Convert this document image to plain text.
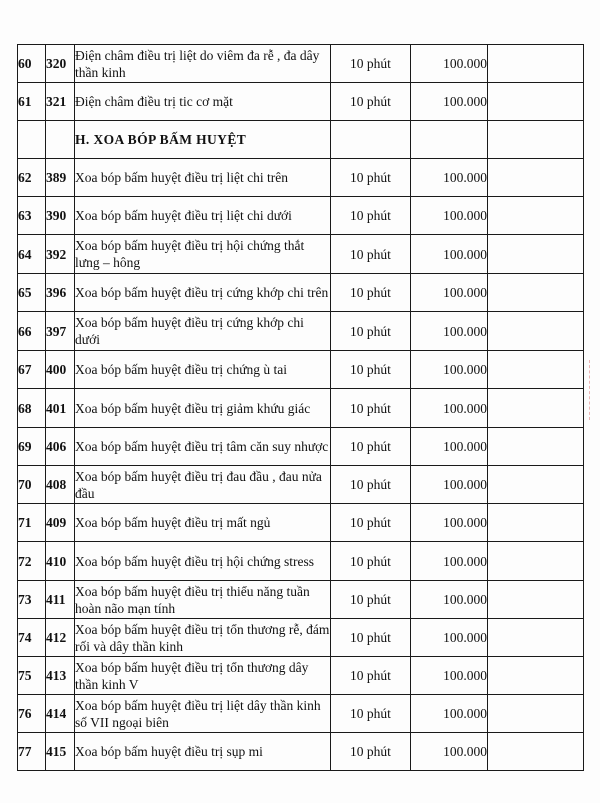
60	320	Điện châm điều trị liệt do viêm đa rễ , đa dây thần kinh	10 phút	100.000	
61	321	Điện châm điều trị tic cơ mặt	10 phút	100.000	
		H. XOA BÓP BẤM HUYỆT			
62	389	Xoa bóp bấm huyệt điều trị liệt chi trên	10 phút	100.000	
63	390	Xoa bóp bấm huyệt điều trị liệt chi dưới	10 phút	100.000	
64	392	Xoa bóp bấm huyệt điều trị hội chứng thắt lưng – hông	10 phút	100.000	
65	396	Xoa bóp bấm huyệt điều trị cứng khớp chi trên	10 phút	100.000	
66	397	Xoa bóp bấm huyệt điều trị cứng khớp chi dưới	10 phút	100.000	
67	400	Xoa bóp bấm huyệt điều trị chứng ù tai	10 phút	100.000	
68	401	Xoa bóp bấm huyệt điều trị giảm khứu giác	10 phút	100.000	
69	406	Xoa bóp bấm huyệt điều trị tâm căn suy nhược	10 phút	100.000	
70	408	Xoa bóp bấm huyệt điều trị đau đầu , đau nửa đầu	10 phút	100.000	
71	409	Xoa bóp bấm huyệt điều trị mất ngủ	10 phút	100.000	
72	410	Xoa bóp bấm huyệt điều trị hội chứng stress	10 phút	100.000	
73	411	Xoa bóp bấm huyệt điều trị thiểu năng tuần hoàn não mạn tính	10 phút	100.000	
74	412	Xoa bóp bấm huyệt điều trị tổn thương rễ, đám rối và dây thần kinh	10 phút	100.000	
75	413	Xoa bóp bấm huyệt điều trị tổn thương dây thần kinh V	10 phút	100.000	
76	414	Xoa bóp bấm huyệt điều trị liệt dây thần kinh số VII ngoại biên	10 phút	100.000	
77	415	Xoa bóp bấm huyệt điều trị sụp mi	10 phút	100.000	
